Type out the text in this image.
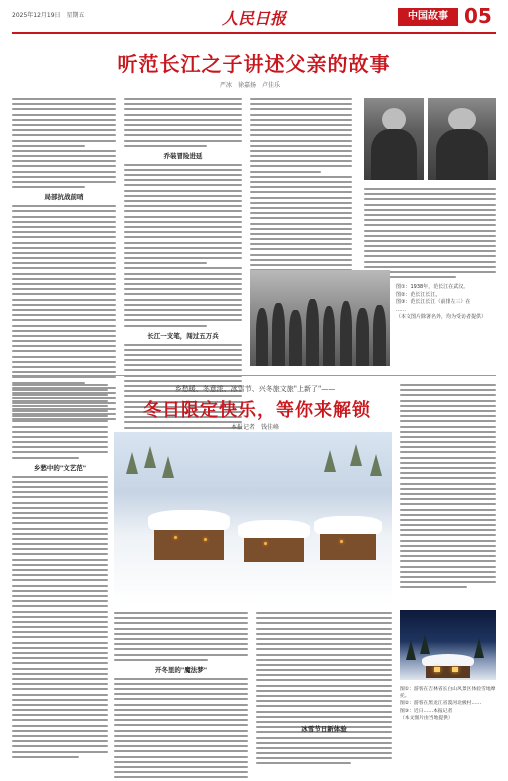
2025年12月19日　星期五	人民日报	中国故事 05
听范长江之子讲述父亲的故事
严冰　徐嘉扬　卢佳乐
局部抗战前哨
乔装冒险进延
长江一支笔，闯过五万兵
图①：1938年，范长江在武汉。
图②：范长江长江。
图③：范长江长江（前排左三）在
……
（本文图片除署名外，均为受访者提供）
乡愁暖、冬意浓、冰雪节、兴冬旅文旅"上新了"——
冬日限定快乐，等你来解锁
本报记者　钱佳峰
乡愁中的"文艺范"
开冬里的"魔法梦"
冰雪节日新体验
图①：游客在吉林省长白山风景区体验雪地摩托。
图②：游客在黑龙江省漠河北极村……
图③：近日……本报记者
（本文图片由当地提供）
